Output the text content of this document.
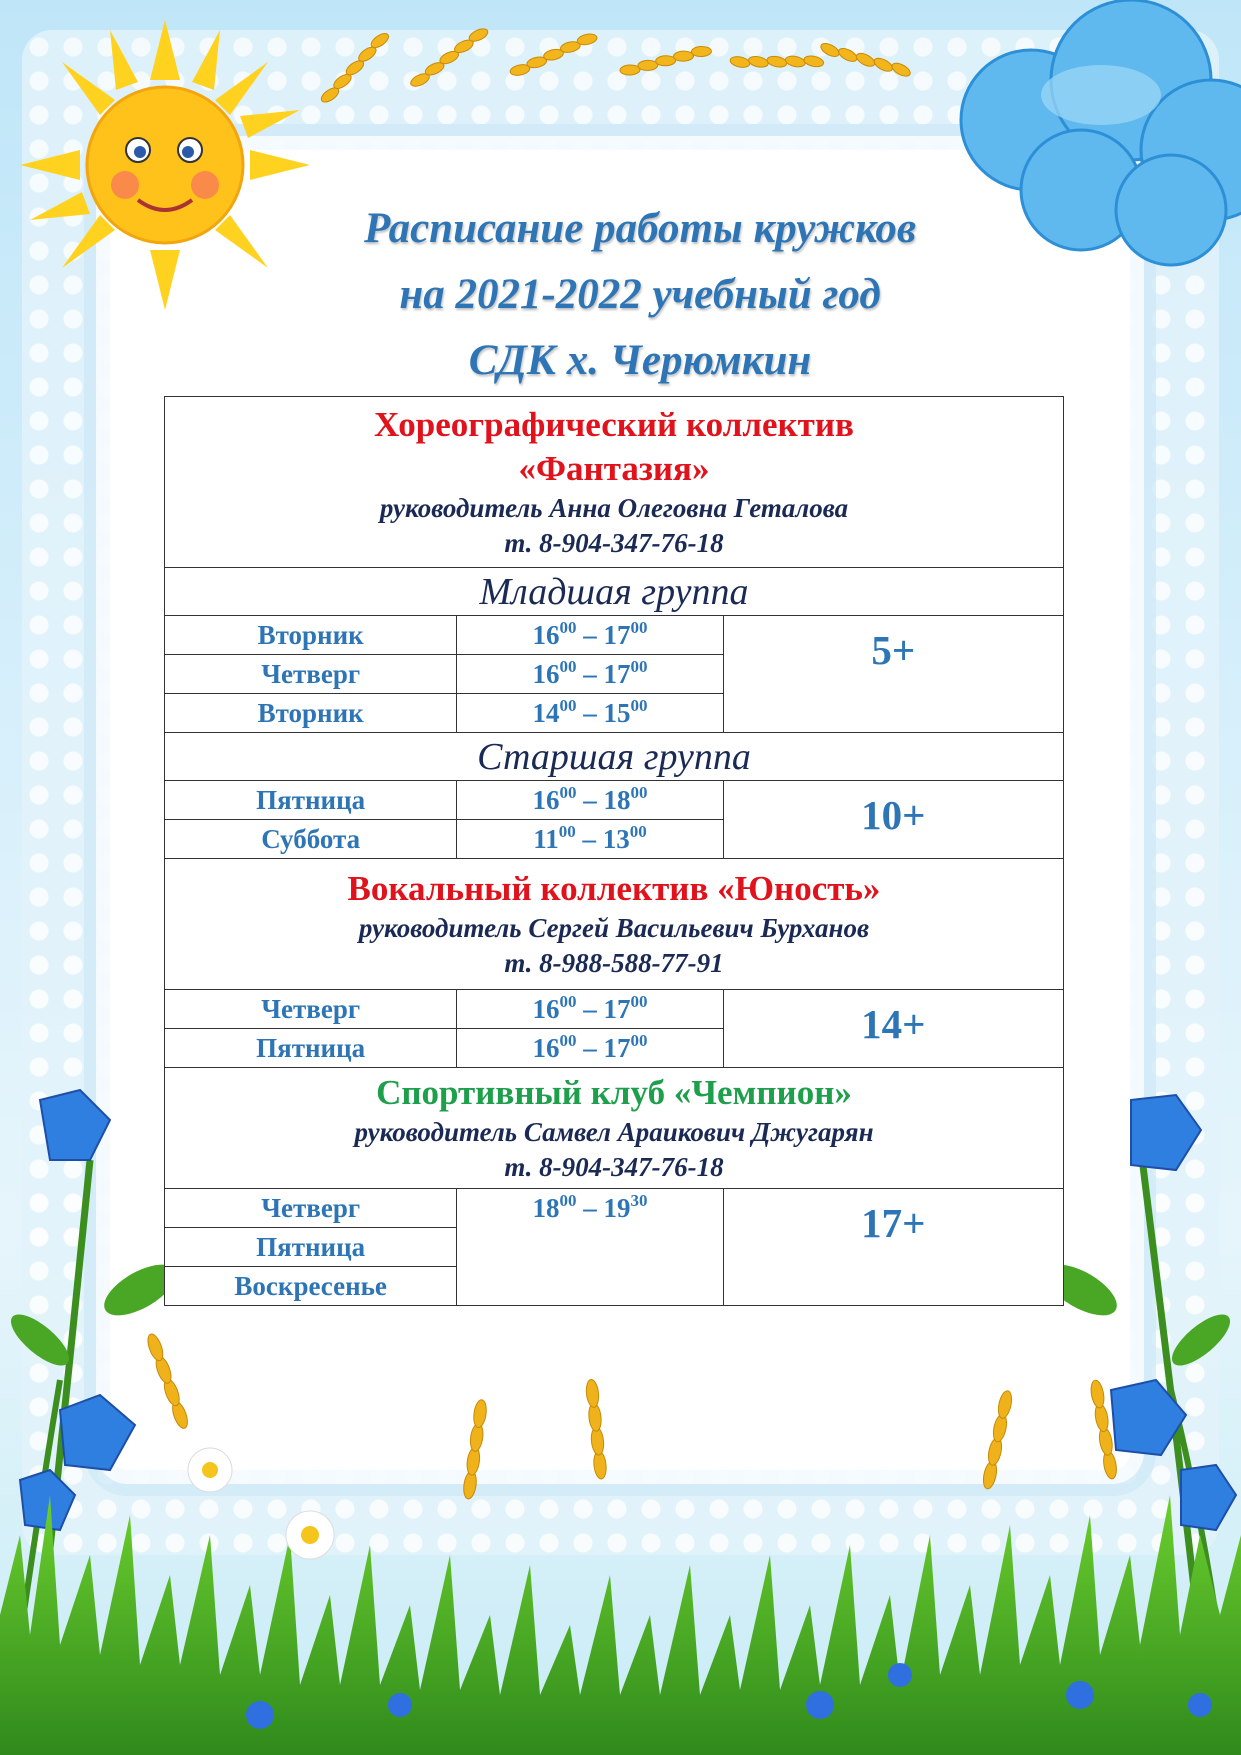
Расписание работы кружков
на 2021-2022 учебный год
СДК х. Черюмкин
Хореографический коллектив
«Фантазия»
руководитель Анна Олеговна Геталова
т. 8-904-347-76-18		

Младшая группа		
Вторник	$16^{00} - 17^{00}$	5+
Четверг	$16^{00} - 17^{00}$
Вторник	$14^{00} - 15^{00}$
Старшая группа		
Пятница	$16^{00} - 18^{00}$	10+
Суббота	$11^{00} - 13^{00}$

Вокальный коллектив «Юность»
руководитель Сергей Васильевич Бурханов
т. 8-988-588-77-91		

Четверг	$16^{00} - 17^{00}$	14+
Пятница	$16^{00} - 17^{00}$

Спортивный клуб «Чемпион»
руководитель Самвел Араикович Джугарян
т. 8-904-347-76-18		

Четверг	$18^{00} - 19^{30}$	17+
Пятница		
Воскресенье		
